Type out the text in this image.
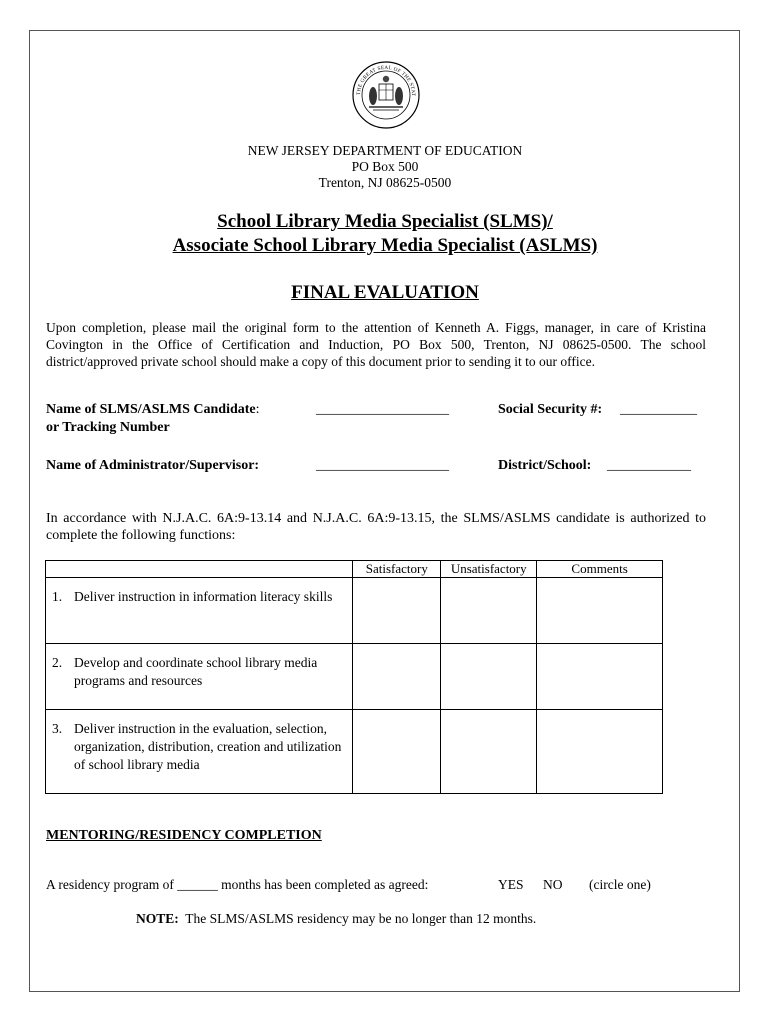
THE GREAT SEAL OF THE STAT
NEW JERSEY DEPARTMENT OF EDUCATION
PO Box 500
Trenton, NJ 08625-0500
School Library Media Specialist (SLMS)/
Associate School Library Media Specialist (ASLMS)
FINAL EVALUATION
Upon completion, please mail the original form to the attention of Kenneth A. Figgs, manager, in care of Kristina Covington in the Office of Certification and Induction, PO Box 500, Trenton, NJ 08625-0500. The school district/approved private school should make a copy of this document prior to sending it to our office.
Name of SLMS/ASLMS Candidate:
or Tracking Number
___________________	Social Security #: ___________
Name of Administrator/Supervisor:	___________________	District/School: ____________
In accordance with N.J.A.C. 6A:9-13.14 and N.J.A.C. 6A:9-13.15, the SLMS/ASLMS candidate is authorized to complete the following functions:
	Satisfactory	Unsatisfactory	Comments

1. Deliver instruction in information literacy skills			

2. Develop and coordinate school library media programs and resources			

3. Deliver instruction in the evaluation, selection, organization, distribution, creation and utilization of school library media			

MENTORING/RESIDENCY COMPLETION
A residency program of ______ months has been completed as agreed:	YES NO (circle one)
NOTE: The SLMS/ASLMS residency may be no longer than 12 months.
